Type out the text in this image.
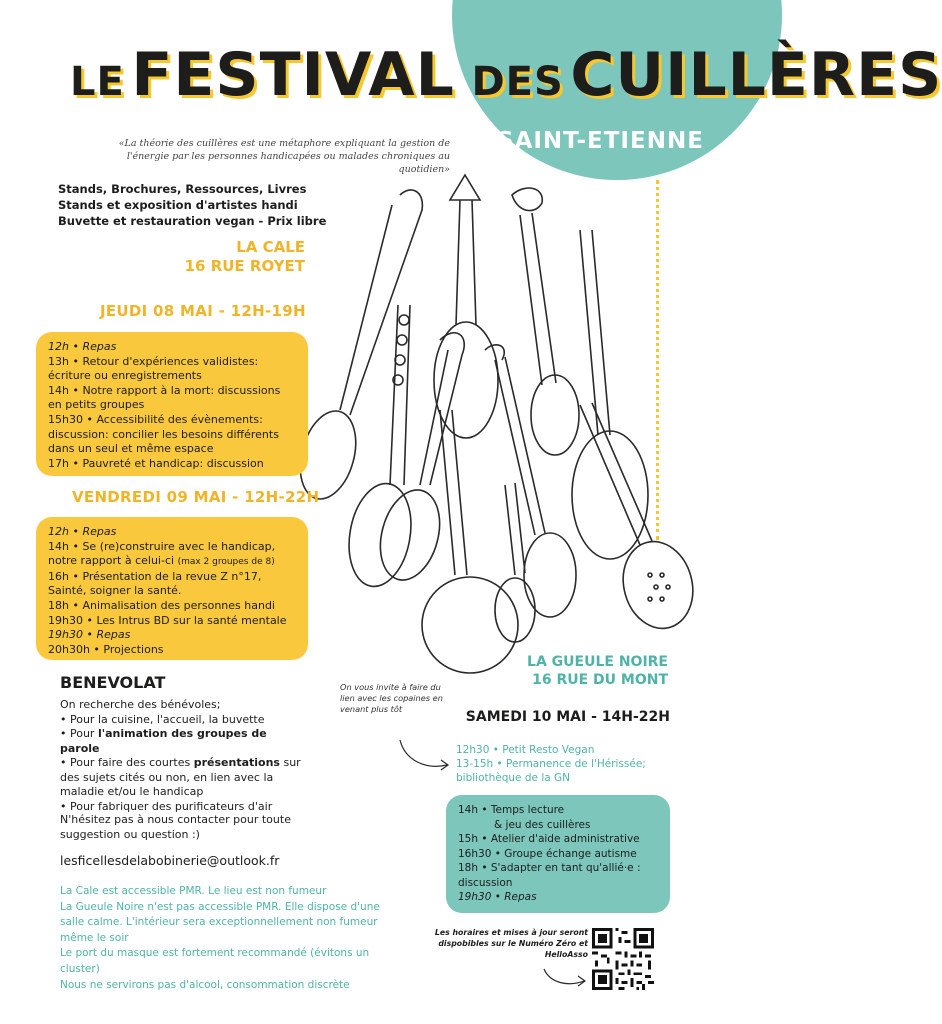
LE FESTIVAL DES CUILLÈRES
SAINT-ETIENNE

«La théorie des cuillères est une métaphore expliquant la gestion de l'énergie par les personnes handicapées ou malades chroniques au quotidien»

Stands, Brochures, Ressources, Livres
Stands et exposition d'artistes handi
Buvette et restauration vegan - Prix libre
LA CALE
16 RUE ROYET
JEUDI 08 MAI - 12H-19H
12h • Repas
13h • Retour d'expériences validistes: écriture ou enregistrements
14h • Notre rapport à la mort: discussions en petits groupes
15h30 • Accessibilité des évènements: discussion: concilier les besoins différents dans un seul et même espace
17h • Pauvreté et handicap: discussion
VENDREDI 09 MAI - 12H-22H
12h • Repas
14h • Se (re)construire avec le handicap, notre rapport à celui-ci (max 2 groupes de 8)
16h • Présentation de la revue Z n°17, Sainté, soigner la santé.
18h • Animalisation des personnes handi
19h30 • Les Intrus BD sur la santé mentale
19h30 • Repas
20h30h • Projections
BENEVOLAT
On recherche des bénévoles;
• Pour la cuisine, l'accueil, la buvette
• Pour l'animation des groupes de parole
• Pour faire des courtes présentations sur des sujets cités ou non, en lien avec la maladie et/ou le handicap
• Pour fabriquer des purificateurs d'air
N'hésitez pas à nous contacter pour toute suggestion ou question :)
lesficellesdelabobinerie@outlook.fr
La Cale est accessible PMR. Le lieu est non fumeur
La Gueule Noire n'est pas accessible PMR. Elle dispose d'une salle calme. L'intérieur sera exceptionnellement non fumeur même le soir
Le port du masque est fortement recommandé (évitons un cluster)
Nous ne servirons pas d'alcool, consommation discrète
On vous invite à faire du lien avec les copaines en venant plus tôt
LA GUEULE NOIRE
16 RUE DU MONT
SAMEDI 10 MAI - 14H-22H
12h30 • Petit Resto Vegan
13-15h • Permanence de l'Hérissée; bibliothèque de la GN
14h • Temps lecture
& jeu des cuillères
15h • Atelier d'aide administrative
16h30 • Groupe échange autisme
18h • S'adapter en tant qu'allié·e : discussion
19h30 • Repas
Les horaires et mises à jour seront dispobibles sur le Numéro Zéro et HelloAsso
